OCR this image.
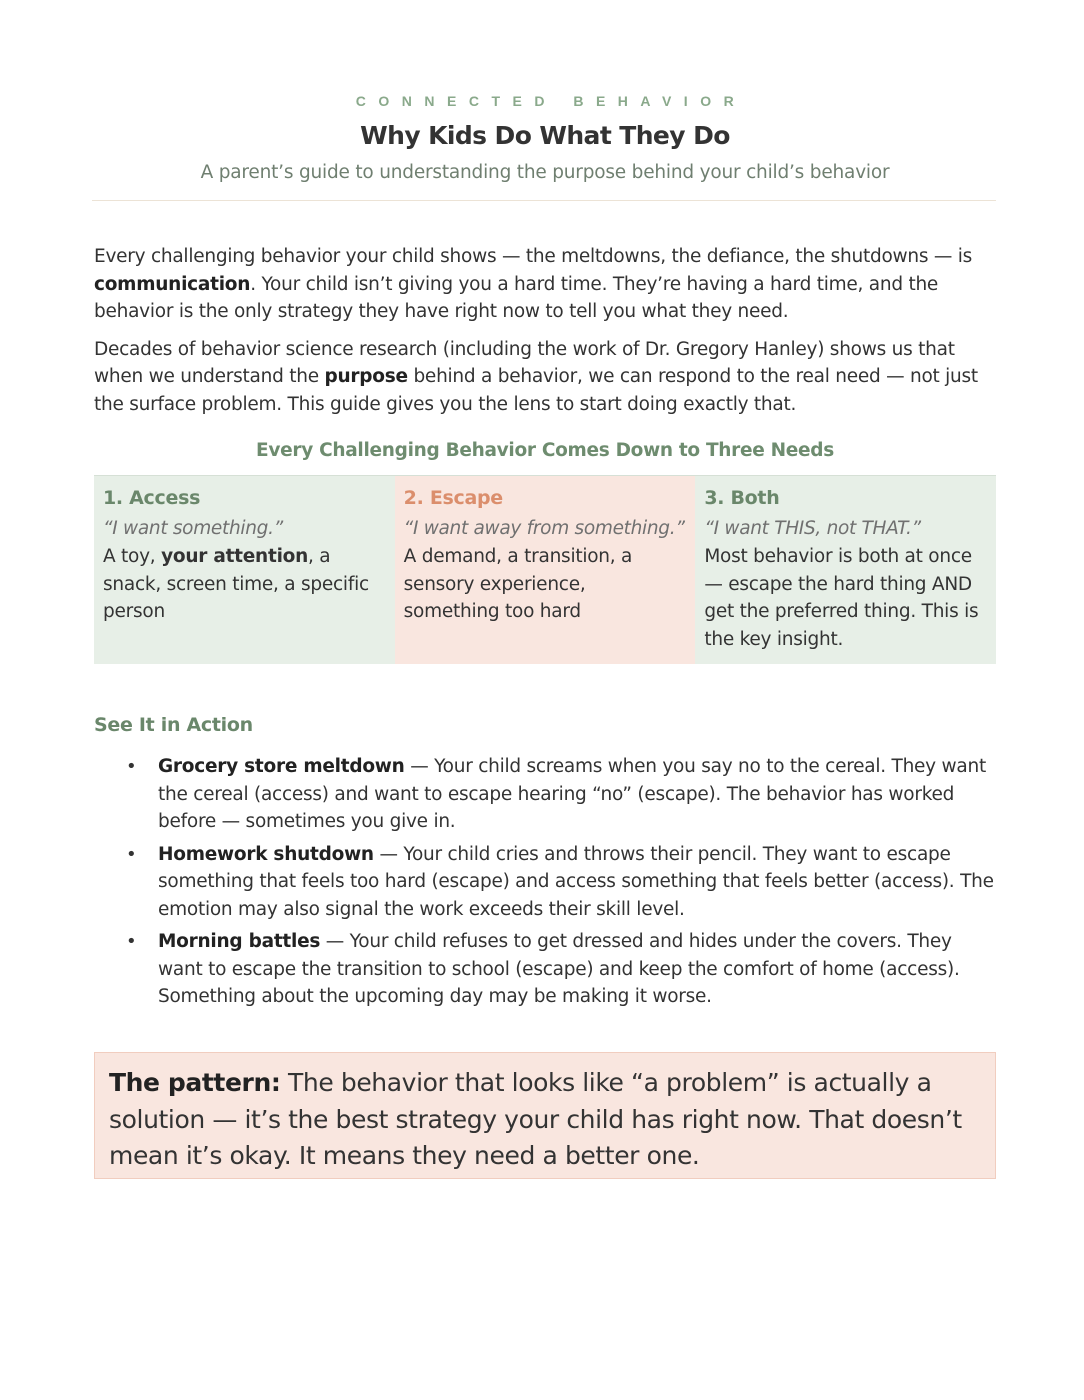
CONNECTED BEHAVIOR
Why Kids Do What They Do
A parent’s guide to understanding the purpose behind your child’s behavior

Every challenging behavior your child shows — the meltdowns, the defiance, the shutdowns — is communication. Your child isn’t giving you a hard time. They’re having a hard time, and the behavior is the only strategy they have right now to tell you what they need.

Decades of behavior science research (including the work of Dr. Gregory Hanley) shows us that when we understand the purpose behind a behavior, we can respond to the real need — not just the surface problem. This guide gives you the lens to start doing exactly that.

Every Challenging Behavior Comes Down to Three Needs
1. Access
“I want something.”
A toy, your attention, a snack, screen time, a specific person
2. Escape
“I want away from something.”
A demand, a transition, a sensory experience, something too hard
3. Both
“I want THIS, not THAT.”
Most behavior is both at once — escape the hard thing AND get the preferred thing. This is the key insight.
See It in Action
• Grocery store meltdown — Your child screams when you say no to the cereal. They want the cereal (access) and want to escape hearing “no” (escape). The behavior has worked before — sometimes you give in.
• Homework shutdown — Your child cries and throws their pencil. They want to escape something that feels too hard (escape) and access something that feels better (access). The emotion may also signal the work exceeds their skill level.
• Morning battles — Your child refuses to get dressed and hides under the covers. They want to escape the transition to school (escape) and keep the comfort of home (access). Something about the upcoming day may be making it worse.
The pattern: The behavior that looks like “a problem” is actually a solution — it’s the best strategy your child has right now. That doesn’t mean it’s okay. It means they need a better one.
